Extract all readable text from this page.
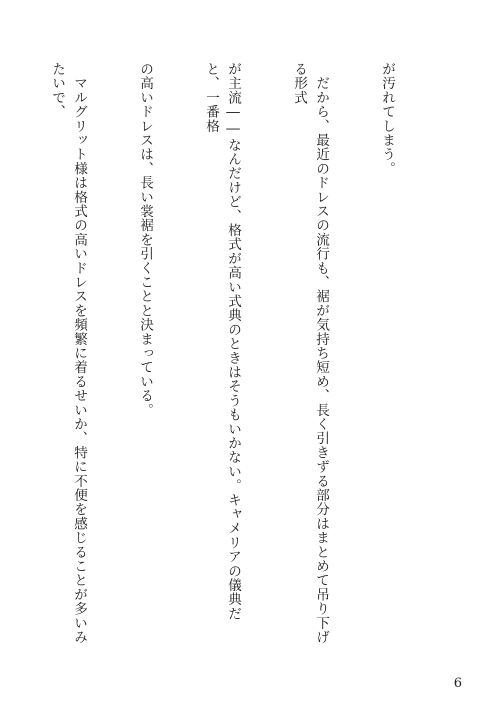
が汚れてしまう。

　だから、最近のドレスの流行も、裾が気持ち短め、長く引きずる部分はまとめて吊り下げる形式

が主流――なんだけど、格式が高い式典のときはそうもいかない。キャメリアの儀典だと、一番格

の高いドレスは、長い裳裾を引くことと決まっている。

　マルグリット様は格式の高いドレスを頻繁に着るせいか、特に不便を感じることが多いみたいで、

6
